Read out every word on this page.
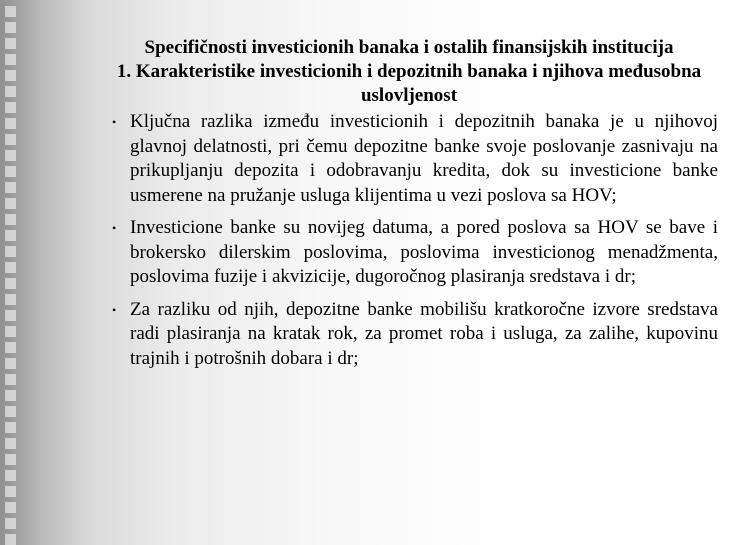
Specifičnosti investicionih banaka i ostalih finansijskih institucija

1. Karakteristike investicionih i depozitnih banaka i njihova međusobna uslovljenost

• Ključna razlika između investicionih i depozitnih banaka je u njihovoj glavnoj delatnosti, pri čemu depozitne banke svoje poslovanje zasnivaju na prikupljanju depozita i odobravanju kredita, dok su investicione banke usmerene na pružanje usluga klijentima u vezi poslova sa HOV;
• Investicione banke su novijeg datuma, a pored poslova sa HOV se bave i brokersko dilerskim poslovima, poslovima investicionog menadžmenta, poslovima fuzije i akvizicije, dugoročnog plasiranja sredstava i dr;
• Za razliku od njih, depozitne banke mobilišu kratkoročne izvore sredstava radi plasiranja na kratak rok, za promet roba i usluga, za zalihe, kupovinu trajnih i potrošnih dobara i dr;
